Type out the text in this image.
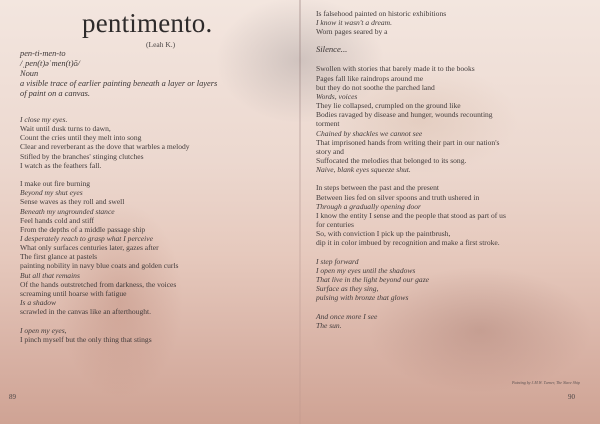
pentimento.
(Leah K.)
pen-ti-men-to
/ˌpen(t)əˈmen(t)ō/
Noun
a visible trace of earlier painting beneath a layer or layers
of paint on a canvas.
I close my eyes.
Wait until dusk turns to dawn,
Count the cries until they melt into song
Clear and reverberant as the dove that warbles a melody
Stifled by the branches' stinging clutches
I watch as the feathers fall.
I make out fire burning
Beyond my shut eyes
Sense waves as they roll and swell
Beneath my ungrounded stance
Feel hands cold and stiff
From the depths of a middle passage ship
I desperately reach to grasp what I perceive
What only surfaces centuries later, gazes after
The first glance at pastels
painting nobility in navy blue coats and golden curls
But all that remains
Of the hands outstretched from darkness, the voices
screaming until hoarse with fatigue
Is a shadow
scrawled in the canvas like an afterthought.
I open my eyes,
I pinch myself but the only thing that stings
89
Is falsehood painted on historic exhibitions
I know it wasn't a dream.
Worn pages seared by a
Silence...
Swollen with stories that barely made it to the books
Pages fall like raindrops around me
but they do not soothe the parched land
Words, voices
They lie collapsed, crumpled on the ground like
Bodies ravaged by disease and hunger, wounds recounting
torment
Chained by shackles we cannot see
That imprisoned hands from writing their part in our nation's
story and
Suffocated the melodies that belonged to its song.
Naive, blank eyes squeeze shut.
In steps between the past and the present
Between lies fed on silver spoons and truth ushered in
Through a gradually opening door
I know the entity I sense and the people that stood as part of us
for centuries
So, with conviction I pick up the paintbrush,
dip it in color imbued by recognition and make a first stroke.
I step forward
I open my eyes until the shadows
That live in the light beyond our gaze
Surface as they sing,
pulsing with bronze that glows
And once more I see
The sun.
Painting by J.M.W. Turner, The Slave Ship
90
